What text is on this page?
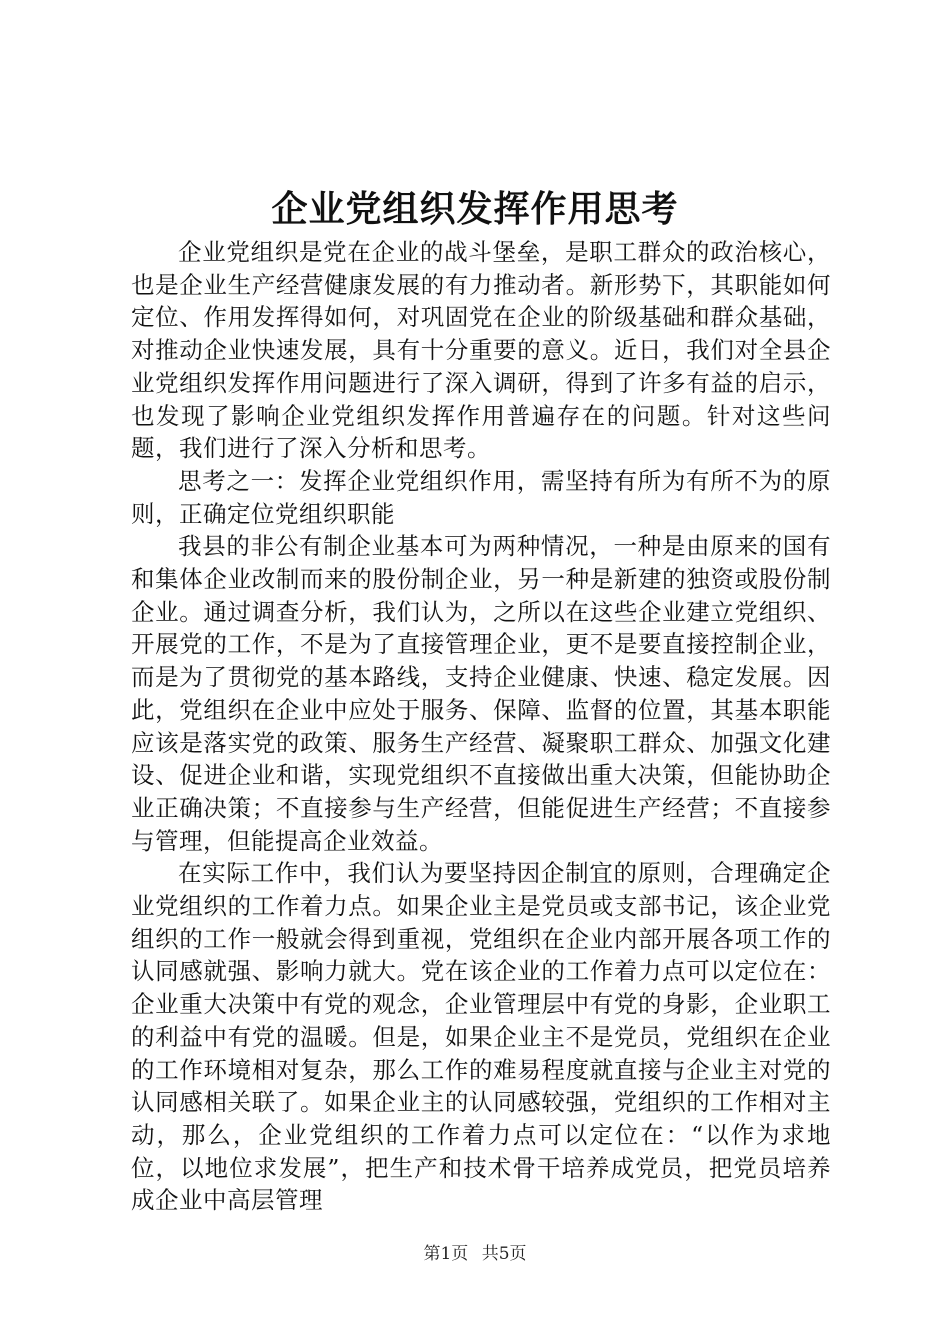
企业党组织发挥作用思考

企业党组织是党在企业的战斗堡垒，是职工群众的政治核心，也是企业生产经营健康发展的有力推动者。新形势下，其职能如何定位、作用发挥得如何，对巩固党在企业的阶级基础和群众基础，对推动企业快速发展，具有十分重要的意义。近日，我们对全县企业党组织发挥作用问题进行了深入调研，得到了许多有益的启示，也发现了影响企业党组织发挥作用普遍存在的问题。针对这些问题，我们进行了深入分析和思考。

思考之一：发挥企业党组织作用，需坚持有所为有所不为的原则，正确定位党组织职能

我县的非公有制企业基本可为两种情况，一种是由原来的国有和集体企业改制而来的股份制企业，另一种是新建的独资或股份制企业。通过调查分析，我们认为，之所以在这些企业建立党组织、开展党的工作，不是为了直接管理企业，更不是要直接控制企业，而是为了贯彻党的基本路线，支持企业健康、快速、稳定发展。因此，党组织在企业中应处于服务、保障、监督的位置，其基本职能应该是落实党的政策、服务生产经营、凝聚职工群众、加强文化建设、促进企业和谐，实现党组织不直接做出重大决策，但能协助企业正确决策；不直接参与生产经营，但能促进生产经营；不直接参与管理，但能提高企业效益。

在实际工作中，我们认为要坚持因企制宜的原则，合理确定企业党组织的工作着力点。如果企业主是党员或支部书记，该企业党组织的工作一般就会得到重视，党组织在企业内部开展各项工作的认同感就强、影响力就大。党在该企业的工作着力点可以定位在：企业重大决策中有党的观念，企业管理层中有党的身影，企业职工的利益中有党的温暖。但是，如果企业主不是党员，党组织在企业的工作环境相对复杂，那么工作的难易程度就直接与企业主对党的认同感相关联了。如果企业主的认同感较强，党组织的工作相对主动，那么，企业党组织的工作着力点可以定位在：“以作为求地位，以地位求发展”，把生产和技术骨干培养成党员，把党员培养成企业中高层管理

第1页 共5页
